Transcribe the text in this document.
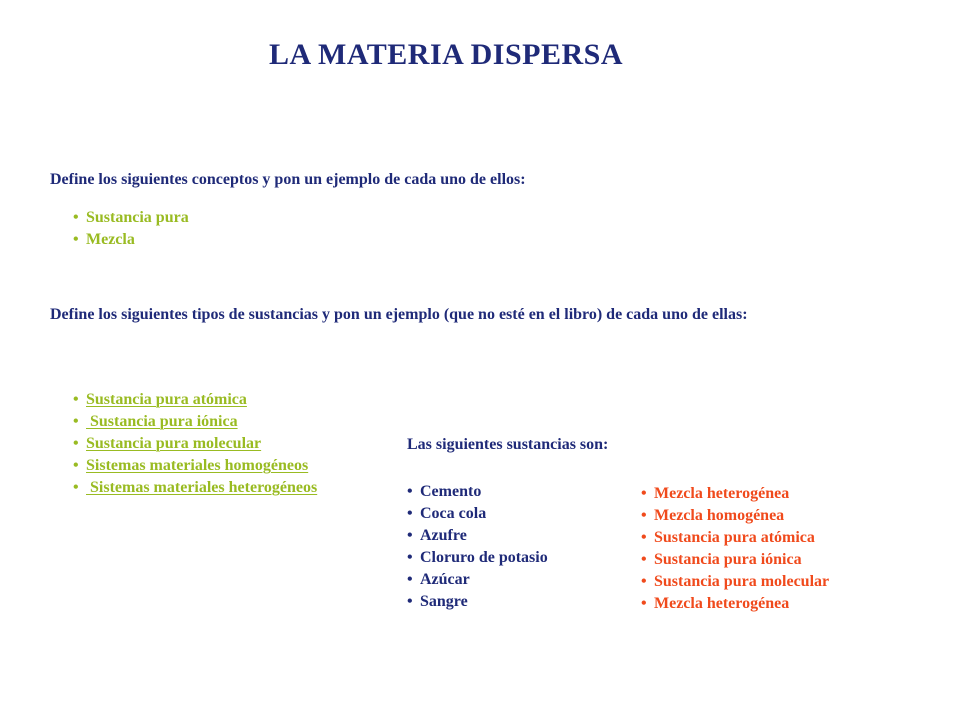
LA MATERIA DISPERSA
Define los siguientes conceptos y pon un ejemplo de cada uno de ellos:
• Sustancia pura
• Mezcla
Define los siguientes tipos de sustancias y pon un ejemplo (que no esté en el libro) de cada uno de ellas:
• Sustancia pura atómica
• Sustancia pura iónica
• Sustancia pura molecular
• Sistemas materiales homogéneos
• Sistemas materiales heterogéneos
Las siguientes sustancias son:
• Cemento
• Coca cola
• Azufre
• Cloruro de potasio
• Azúcar
• Sangre
• Mezcla heterogénea
• Mezcla homogénea
• Sustancia pura atómica
• Sustancia pura iónica
• Sustancia pura molecular
• Mezcla heterogénea
